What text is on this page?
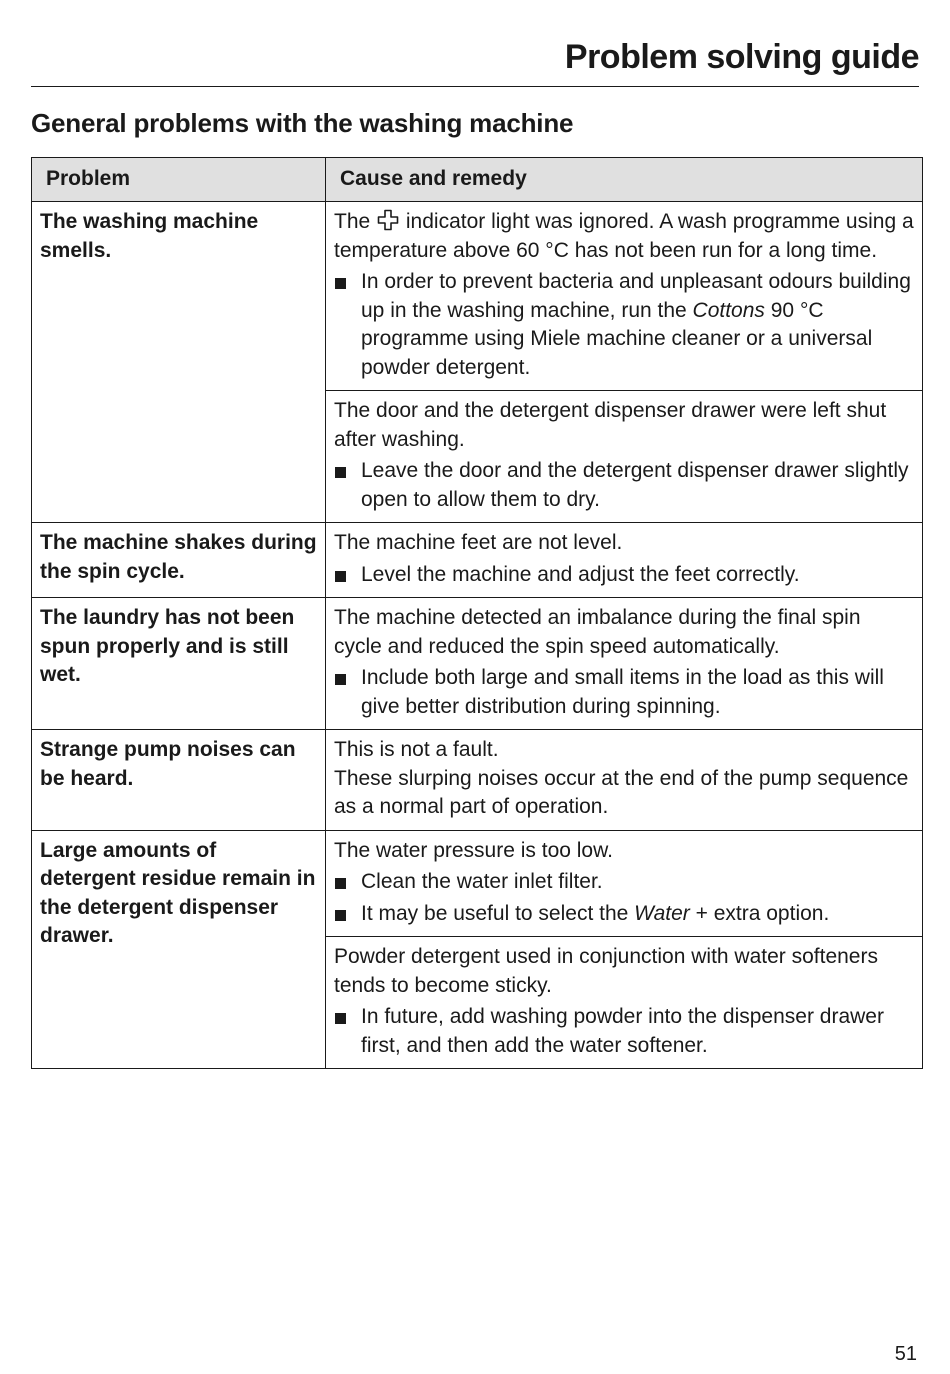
Problem solving guide
General problems with the washing machine
Problem	Cause and remedy
The washing machine smells.	The indicator light was ignored. A wash programme using a temperature above 60 °C has not been run for a long time.

In order to prevent bacteria and unpleasant odours building up in the washing machine, run the Cottons 90 °C programme using Miele machine cleaner or a universal powder detergent.

	The door and the detergent dispenser drawer were left shut after washing.

Leave the door and the detergent dispenser drawer slightly open to allow them to dry.

The machine shakes during the spin cycle.	The machine feet are not level.

Level the machine and adjust the feet correctly.

The laundry has not been spun properly and is still wet.	The machine detected an imbalance during the final spin cycle and reduced the spin speed automatically.

Include both large and small items in the load as this will give better distribution during spinning.

Strange pump noises can be heard.	This is not a fault.

These slurping noises occur at the end of the pump sequence as a normal part of operation.

Large amounts of detergent residue remain in the detergent dispenser drawer.	The water pressure is too low.

Clean the water inlet filter.
It may be useful to select the Water + extra option.

	Powder detergent used in conjunction with water softeners tends to become sticky.

In future, add washing powder into the dispenser drawer first, and then add the water softener.
51
